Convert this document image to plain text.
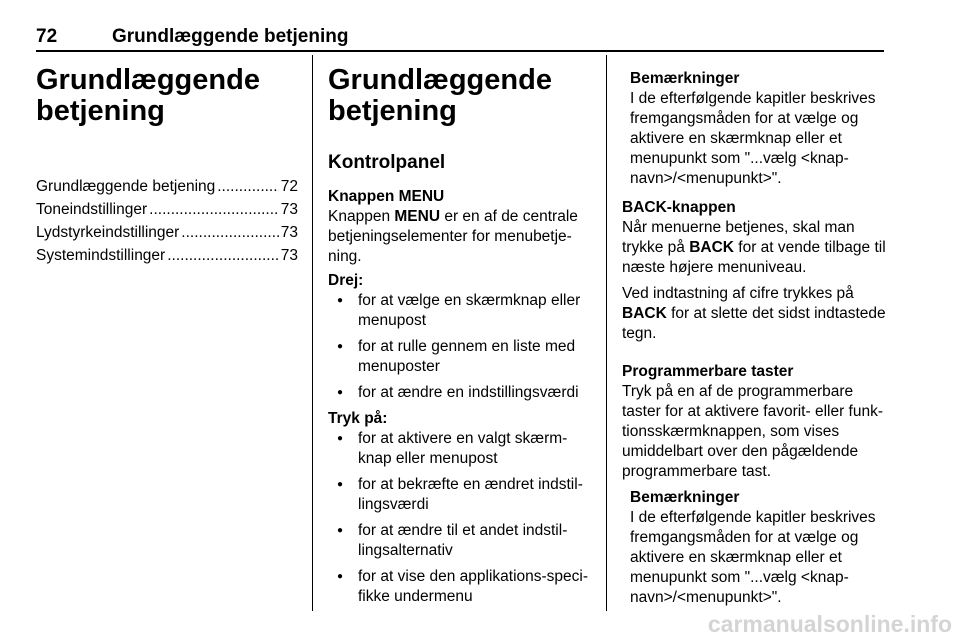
72	Grundlæggende betjening
Grundlæggende betjening
Grundlæggende betjening .....	72
Toneindstillinger .....	73
Lydstyrkeindstillinger .....	73
Systemindstillinger .....	73
Grundlæggende betjening
Kontrolpanel
Knappen MENU

Knappen MENU er en af de centrale betjeningselementer for menubetje-ning.

Drej:
● for at vælge en skærmknap eller menupost
● for at rulle gennem en liste med menuposter
● for at ændre en indstillingsværdi
Tryk på:
● for at aktivere en valgt skærm-knap eller menupost
● for at bekræfte en ændret indstil-lingsværdi
● for at ændre til et andet indstil-lingsalternativ
● for at vise den applikations-speci-fikke undermenu
Bemærkninger

I de efterfølgende kapitler beskrives fremgangsmåden for at vælge og aktivere en skærmknap eller et menupunkt som "...vælg <knap-navn>/<menupunkt>".

BACK-knappen

Når menuerne betjenes, skal man trykke på BACK for at vende tilbage til næste højere menuniveau.

Ved indtastning af cifre trykkes på BACK for at slette det sidst indtastede tegn.

Programmerbare taster

Tryk på en af de programmerbare taster for at aktivere favorit- eller funk-tionsskærmknappen, som vises umiddelbart over den pågældende programmerbare tast.

Bemærkninger

I de efterfølgende kapitler beskrives fremgangsmåden for at vælge og aktivere en skærmknap eller et menupunkt som "...vælg <knap-navn>/<menupunkt>".

carmanualsonline.info
